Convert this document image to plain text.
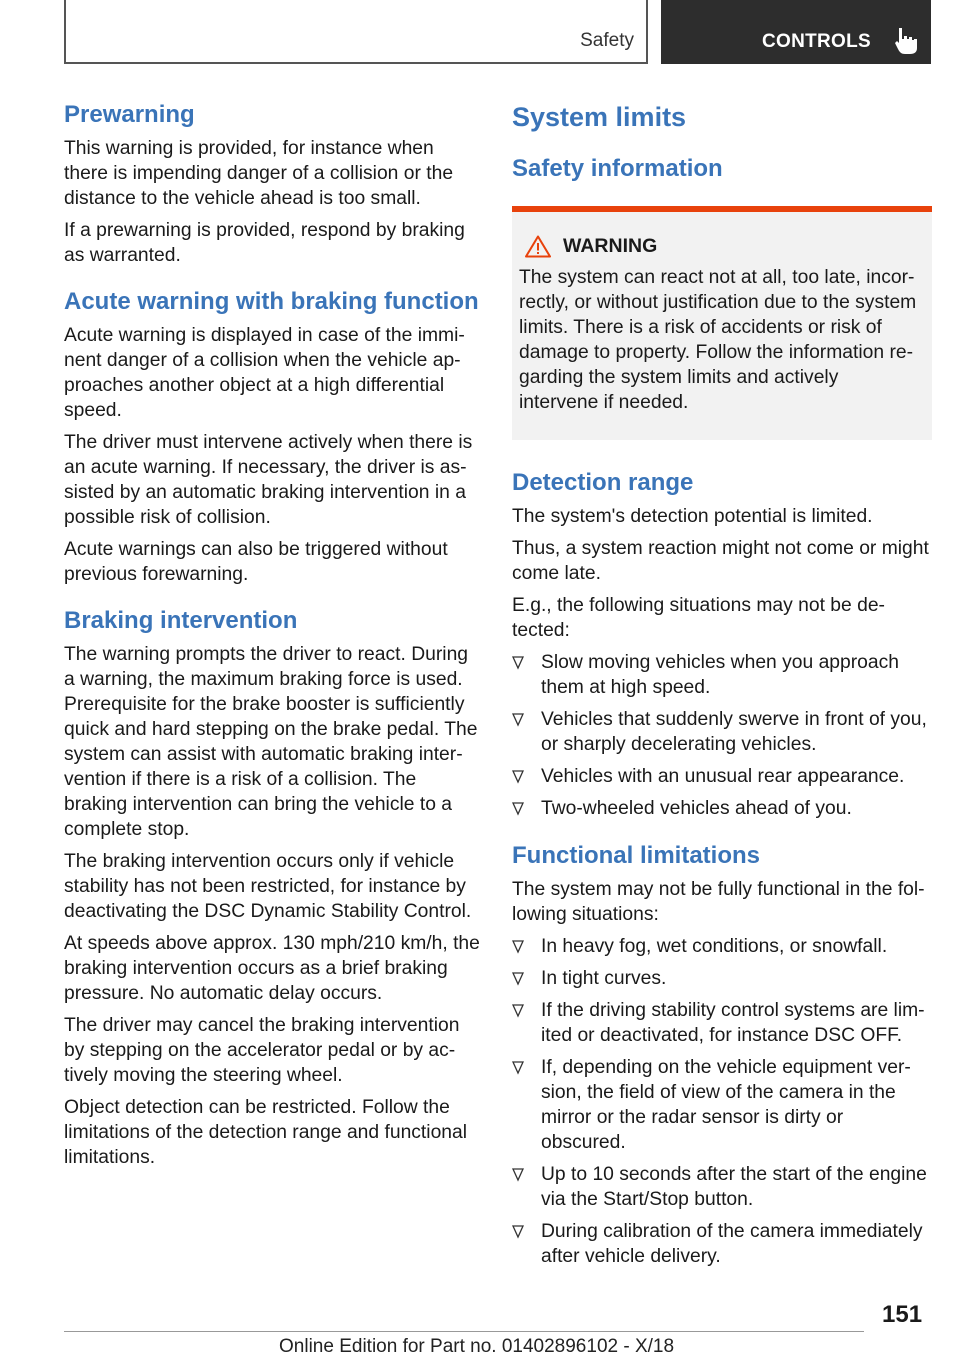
Safety	CONTROLS
Prewarning

This warning is provided, for instance when there is impending danger of a collision or the distance to the vehicle ahead is too small.

If a prewarning is provided, respond by braking as warranted.

Acute warning with braking function

Acute warning is displayed in case of the immi-nent danger of a collision when the vehicle ap-proaches another object at a high differential speed.

The driver must intervene actively when there is an acute warning. If necessary, the driver is as-sisted by an automatic braking intervention in a possible risk of collision.

Acute warnings can also be triggered without previous forewarning.

Braking intervention

The warning prompts the driver to react. During a warning, the maximum braking force is used. Prerequisite for the brake booster is sufficiently quick and hard stepping on the brake pedal. The system can assist with automatic braking inter-vention if there is a risk of a collision. The braking intervention can bring the vehicle to a complete stop.

The braking intervention occurs only if vehicle stability has not been restricted, for instance by deactivating the DSC Dynamic Stability Control.

At speeds above approx. 130 mph/210 km/h, the braking intervention occurs as a brief braking pressure. No automatic delay occurs.

The driver may cancel the braking intervention by stepping on the accelerator pedal or by ac-tively moving the steering wheel.

Object detection can be restricted. Follow the limitations of the detection range and functional limitations.

System limits
Safety information
WARNING

The system can react not at all, too late, incor-rectly, or without justification due to the system limits. There is a risk of accidents or risk of damage to property. Follow the information re-garding the system limits and actively intervene if needed.

Detection range

The system's detection potential is limited.

Thus, a system reaction might not come or might come late.

E.g., the following situations may not be de-tected:

Slow moving vehicles when you approach them at high speed.
Vehicles that suddenly swerve in front of you, or sharply decelerating vehicles.
Vehicles with an unusual rear appearance.
Two-wheeled vehicles ahead of you.
Functional limitations

The system may not be fully functional in the fol-lowing situations:

In heavy fog, wet conditions, or snowfall.
In tight curves.
If the driving stability control systems are lim-ited or deactivated, for instance DSC OFF.
If, depending on the vehicle equipment ver-sion, the field of view of the camera in the mirror or the radar sensor is dirty or obscured.
Up to 10 seconds after the start of the engine via the Start/Stop button.
During calibration of the camera immediately after vehicle delivery.
151
Online Edition for Part no. 01402896102 - X/18
